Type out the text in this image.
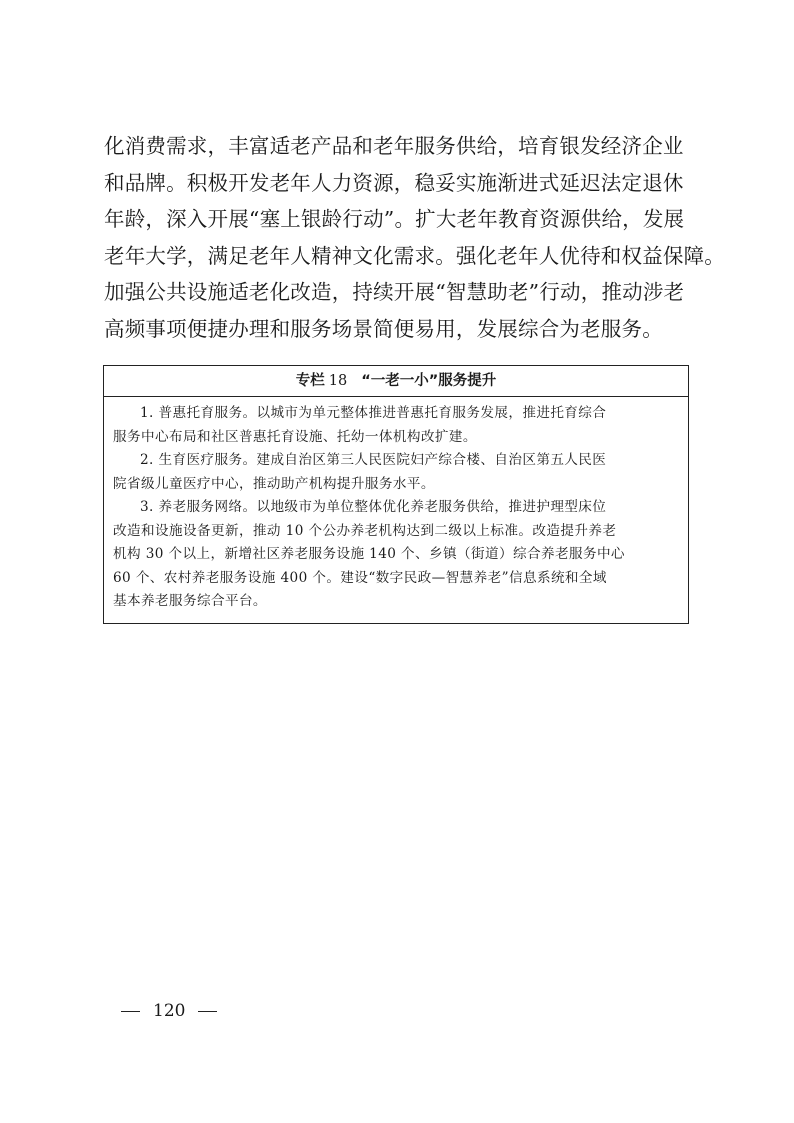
化消费需求，丰富适老产品和老年服务供给，培育银发经济企业
和品牌。积极开发老年人力资源，稳妥实施渐进式延迟法定退休
年龄，深入开展“塞上银龄行动”。扩大老年教育资源供给，发展
老年大学，满足老年人精神文化需求。强化老年人优待和权益保障。
加强公共设施适老化改造，持续开展“智慧助老”行动，推动涉老
高频事项便捷办理和服务场景简便易用，发展综合为老服务。
专栏 18 “一老一小”服务提升
1. 普惠托育服务。以城市为单元整体推进普惠托育服务发展，推进托育综合
服务中心布局和社区普惠托育设施、托幼一体机构改扩建。
2. 生育医疗服务。建成自治区第三人民医院妇产综合楼、自治区第五人民医
院省级儿童医疗中心，推动助产机构提升服务水平。
3. 养老服务网络。以地级市为单位整体优化养老服务供给，推进护理型床位
改造和设施设备更新，推动 10 个公办养老机构达到二级以上标准。改造提升养老
机构 30 个以上，新增社区养老服务设施 140 个、乡镇（街道）综合养老服务中心
60 个、农村养老服务设施 400 个。建设“数字民政—智慧养老”信息系统和全域
基本养老服务综合平台。
120
